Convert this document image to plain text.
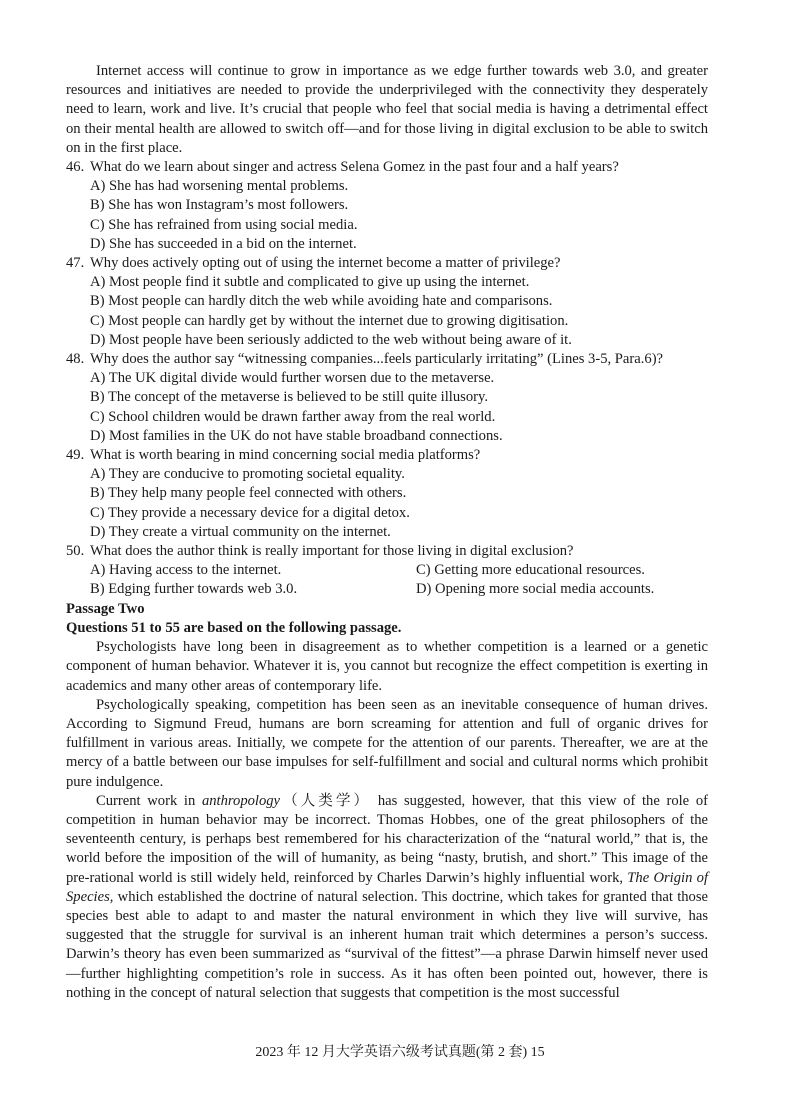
Internet access will continue to grow in importance as we edge further towards web 3.0, and greater resources and initiatives are needed to provide the underprivileged with the connectivity they desperately need to learn, work and live. It’s crucial that people who feel that social media is having a detrimental effect on their mental health are allowed to switch off—and for those living in digital exclusion to be able to switch on in the first place.

46. What do we learn about singer and actress Selena Gomez in the past four and a half years?

A) She has had worsening mental problems.
B) She has won Instagram’s most followers.
C) She has refrained from using social media.
D) She has succeeded in a bid on the internet.

47. Why does actively opting out of using the internet become a matter of privilege?

A) Most people find it subtle and complicated to give up using the internet.
B) Most people can hardly ditch the web while avoiding hate and comparisons.
C) Most people can hardly get by without the internet due to growing digitisation.
D) Most people have been seriously addicted to the web without being aware of it.

48. Why does the author say “witnessing companies...feels particularly irritating” (Lines 3-5, Para.6)?

A) The UK digital divide would further worsen due to the metaverse.
B) The concept of the metaverse is believed to be still quite illusory.
C) School children would be drawn farther away from the real world.
D) Most families in the UK do not have stable broadband connections.

49. What is worth bearing in mind concerning social media platforms?

A) They are conducive to promoting societal equality.
B) They help many people feel connected with others.
C) They provide a necessary device for a digital detox.
D) They create a virtual community on the internet.

50. What does the author think is really important for those living in digital exclusion?

A) Having access to the internet.	C) Getting more educational resources.
B) Edging further towards web 3.0.	D) Opening more social media accounts.

Passage Two

Questions 51 to 55 are based on the following passage.

Psychologists have long been in disagreement as to whether competition is a learned or a genetic component of human behavior. Whatever it is, you cannot but recognize the effect competition is exerting in academics and many other areas of contemporary life.

Psychologically speaking, competition has been seen as an inevitable consequence of human drives. According to Sigmund Freud, humans are born screaming for attention and full of organic drives for fulfillment in various areas. Initially, we compete for the attention of our parents. Thereafter, we are at the mercy of a battle between our base impulses for self-fulfillment and social and cultural norms which prohibit pure indulgence.

Current work in anthropology（人类学） has suggested, however, that this view of the role of competition in human behavior may be incorrect. Thomas Hobbes, one of the great philosophers of the seventeenth century, is perhaps best remembered for his characterization of the “natural world,” that is, the world before the imposition of the will of humanity, as being “nasty, brutish, and short.” This image of the pre-rational world is still widely held, reinforced by Charles Darwin’s highly influential work, The Origin of Species, which established the doctrine of natural selection. This doctrine, which takes for granted that those species best able to adapt to and master the natural environment in which they live will survive, has suggested that the struggle for survival is an inherent human trait which determines a person’s success. Darwin’s theory has even been summarized as “survival of the fittest”—a phrase Darwin himself never used—further highlighting competition’s role in success. As it has often been pointed out, however, there is nothing in the concept of natural selection that suggests that competition is the most successful

2023 年 12 月大学英语六级考试真题(第 2 套) 15
